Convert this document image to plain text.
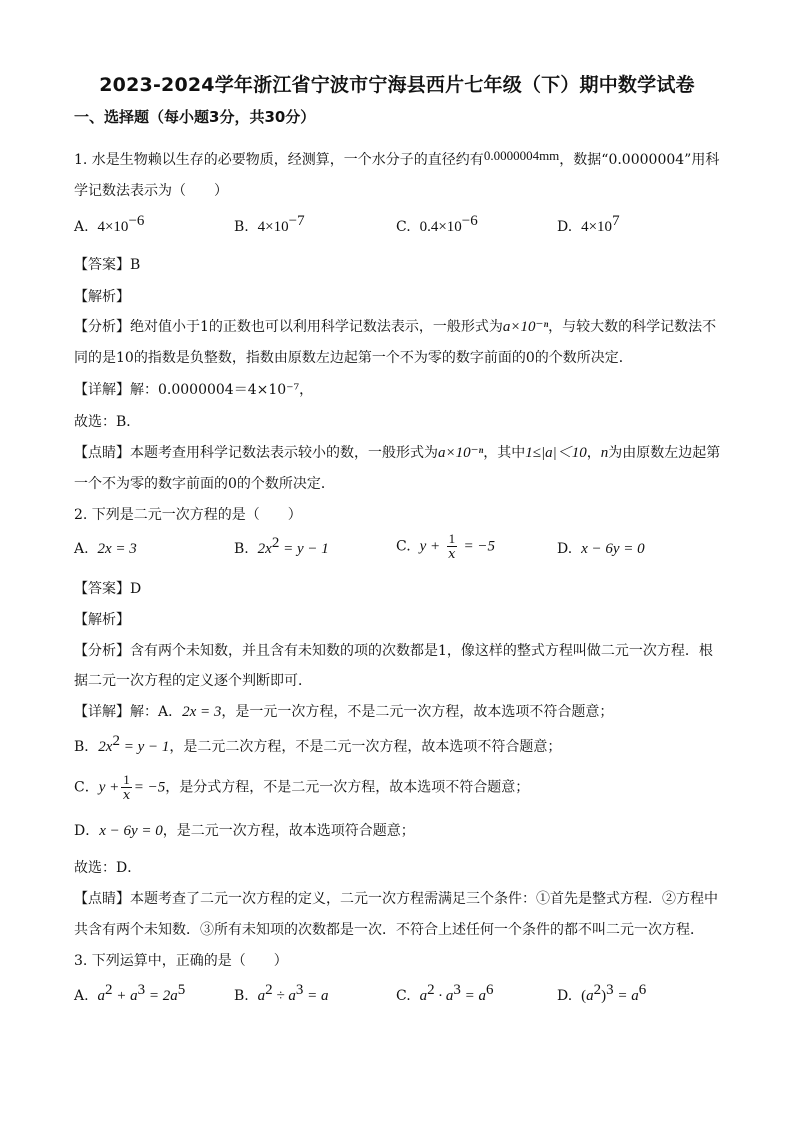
2023-2024学年浙江省宁波市宁海县西片七年级（下）期中数学试卷
一、选择题（每小题3分，共30分）
1. 水是生物赖以生存的必要物质，经测算，一个水分子的直径约有0.0000004mm，数据“0.0000004”用科
学记数法表示为（　　）
A. $4\times 10^{-6}$	B. $4\times 10^{-7}$	C. $0.4\times 10^{-6}$	D. $4\times 10^7$
【答案】B
【解析】
【分析】绝对值小于1的正数也可以利用科学记数法表示，一般形式为a×10⁻ⁿ，与较大数的科学记数法不
同的是10的指数是负整数，指数由原数左边起第一个不为零的数字前面的0的个数所决定．
【详解】解：0.0000004＝4×10⁻⁷，
故选：B．
【点睛】本题考查用科学记数法表示较小的数，一般形式为a×10⁻ⁿ，其中1≤|a|＜10，n为由原数左边起第
一个不为零的数字前面的0的个数所决定．
2. 下列是二元一次方程的是（　　）
A. 2x = 3	B. $2x^2 = y - 1$	C. $y + \frac{1}{x} = -5$	D. x − 6y = 0
【答案】D
【解析】
【分析】含有两个未知数，并且含有未知数的项的次数都是1，像这样的整式方程叫做二元一次方程．根
据二元一次方程的定义逐个判断即可．
【详解】解：A．2x = 3，是一元一次方程，不是二元一次方程，故本选项不符合题意；
B．$2x^2 = y - 1$，是二元二次方程，不是二元一次方程，故本选项不符合题意；
C．$y + \frac{1}{x} = -5$，是分式方程，不是二元一次方程，故本选项不符合题意；
D．x − 6y = 0，是二元一次方程，故本选项符合题意；
故选：D．
【点睛】本题考查了二元一次方程的定义，二元一次方程需满足三个条件：①首先是整式方程．②方程中
共含有两个未知数．③所有未知项的次数都是一次．不符合上述任何一个条件的都不叫二元一次方程．
3. 下列运算中，正确的是（　　）
A. $a^2 + a^3 = 2a^5$	B. $a^2 \div a^3 = a$	C. $a^2 \cdot a^3 = a^6$	D. $(a^2)^3 = a^6$
